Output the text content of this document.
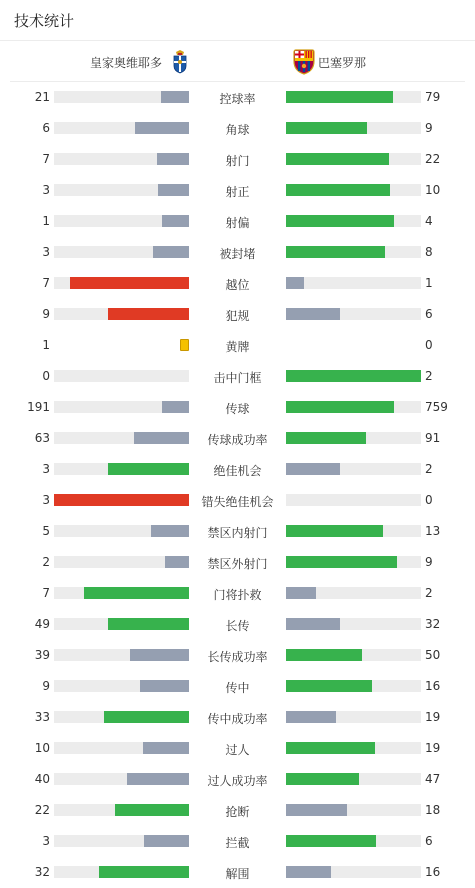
技术统计
皇家奥维耶多	巴塞罗那
21	控球率	79
6	角球	9
7	射门	22
3	射正	10
1	射偏	4
3	被封堵	8
7	越位	1
9	犯规	6
1	黄牌	0
0	击中门框	2
191	传球	759
63	传球成功率	91
3	绝佳机会	2
3	错失绝佳机会	0
5	禁区内射门	13
2	禁区外射门	9
7	门将扑救	2
49	长传	32
39	长传成功率	50
9	传中	16
33	传中成功率	19
10	过人	19
40	过人成功率	47
22	抢断	18
3	拦截	6
32	解围	16
